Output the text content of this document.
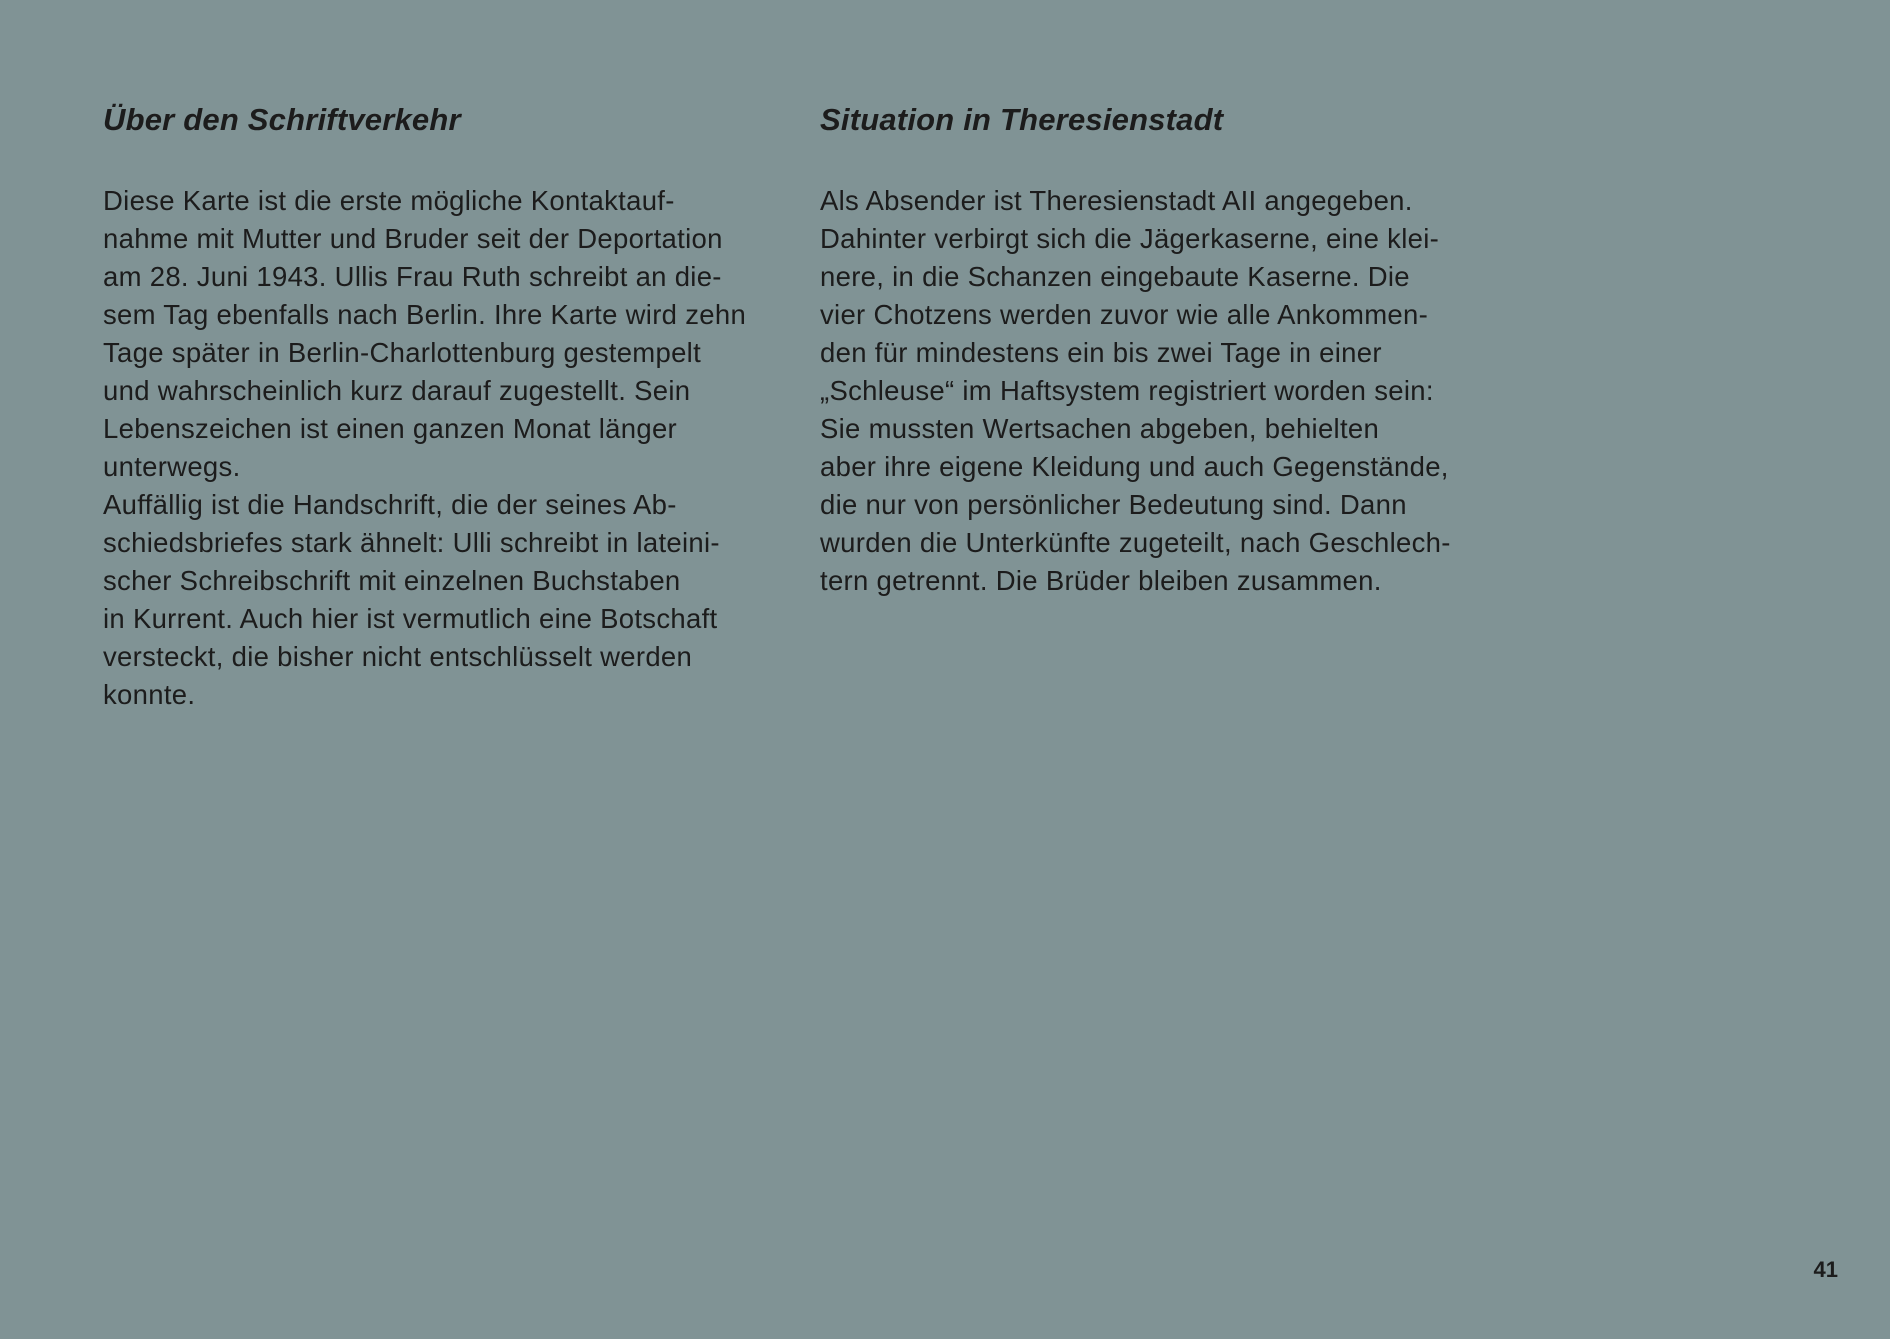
Über den Schriftverkehr
Diese Karte ist die erste mögliche Kontaktauf-
nahme mit Mutter und Bruder seit der Deportation
am 28. Juni 1943. Ullis Frau Ruth schreibt an die-
sem Tag ebenfalls nach Berlin. Ihre Karte wird zehn
Tage später in Berlin-Charlottenburg gestempelt
und wahrscheinlich kurz darauf zugestellt. Sein
Lebenszeichen ist einen ganzen Monat länger
unterwegs.
Auffällig ist die Handschrift, die der seines Ab-
schiedsbriefes stark ähnelt: Ulli schreibt in lateini-
scher Schreibschrift mit einzelnen Buchstaben
in Kurrent. Auch hier ist vermutlich eine Botschaft
versteckt, die bisher nicht entschlüsselt werden
konnte.
Situation in Theresienstadt
Als Absender ist Theresienstadt AII angegeben.
Dahinter verbirgt sich die Jägerkaserne, eine klei-
nere, in die Schanzen eingebaute Kaserne. Die
vier Chotzens werden zuvor wie alle Ankommen-
den für mindestens ein bis zwei Tage in einer
„Schleuse“ im Haftsystem registriert worden sein:
Sie mussten Wertsachen abgeben, behielten
aber ihre eigene Kleidung und auch Gegenstände,
die nur von persönlicher Bedeutung sind. Dann
wurden die Unterkünfte zugeteilt, nach Geschlech-
tern getrennt. Die Brüder bleiben zusammen.
41
